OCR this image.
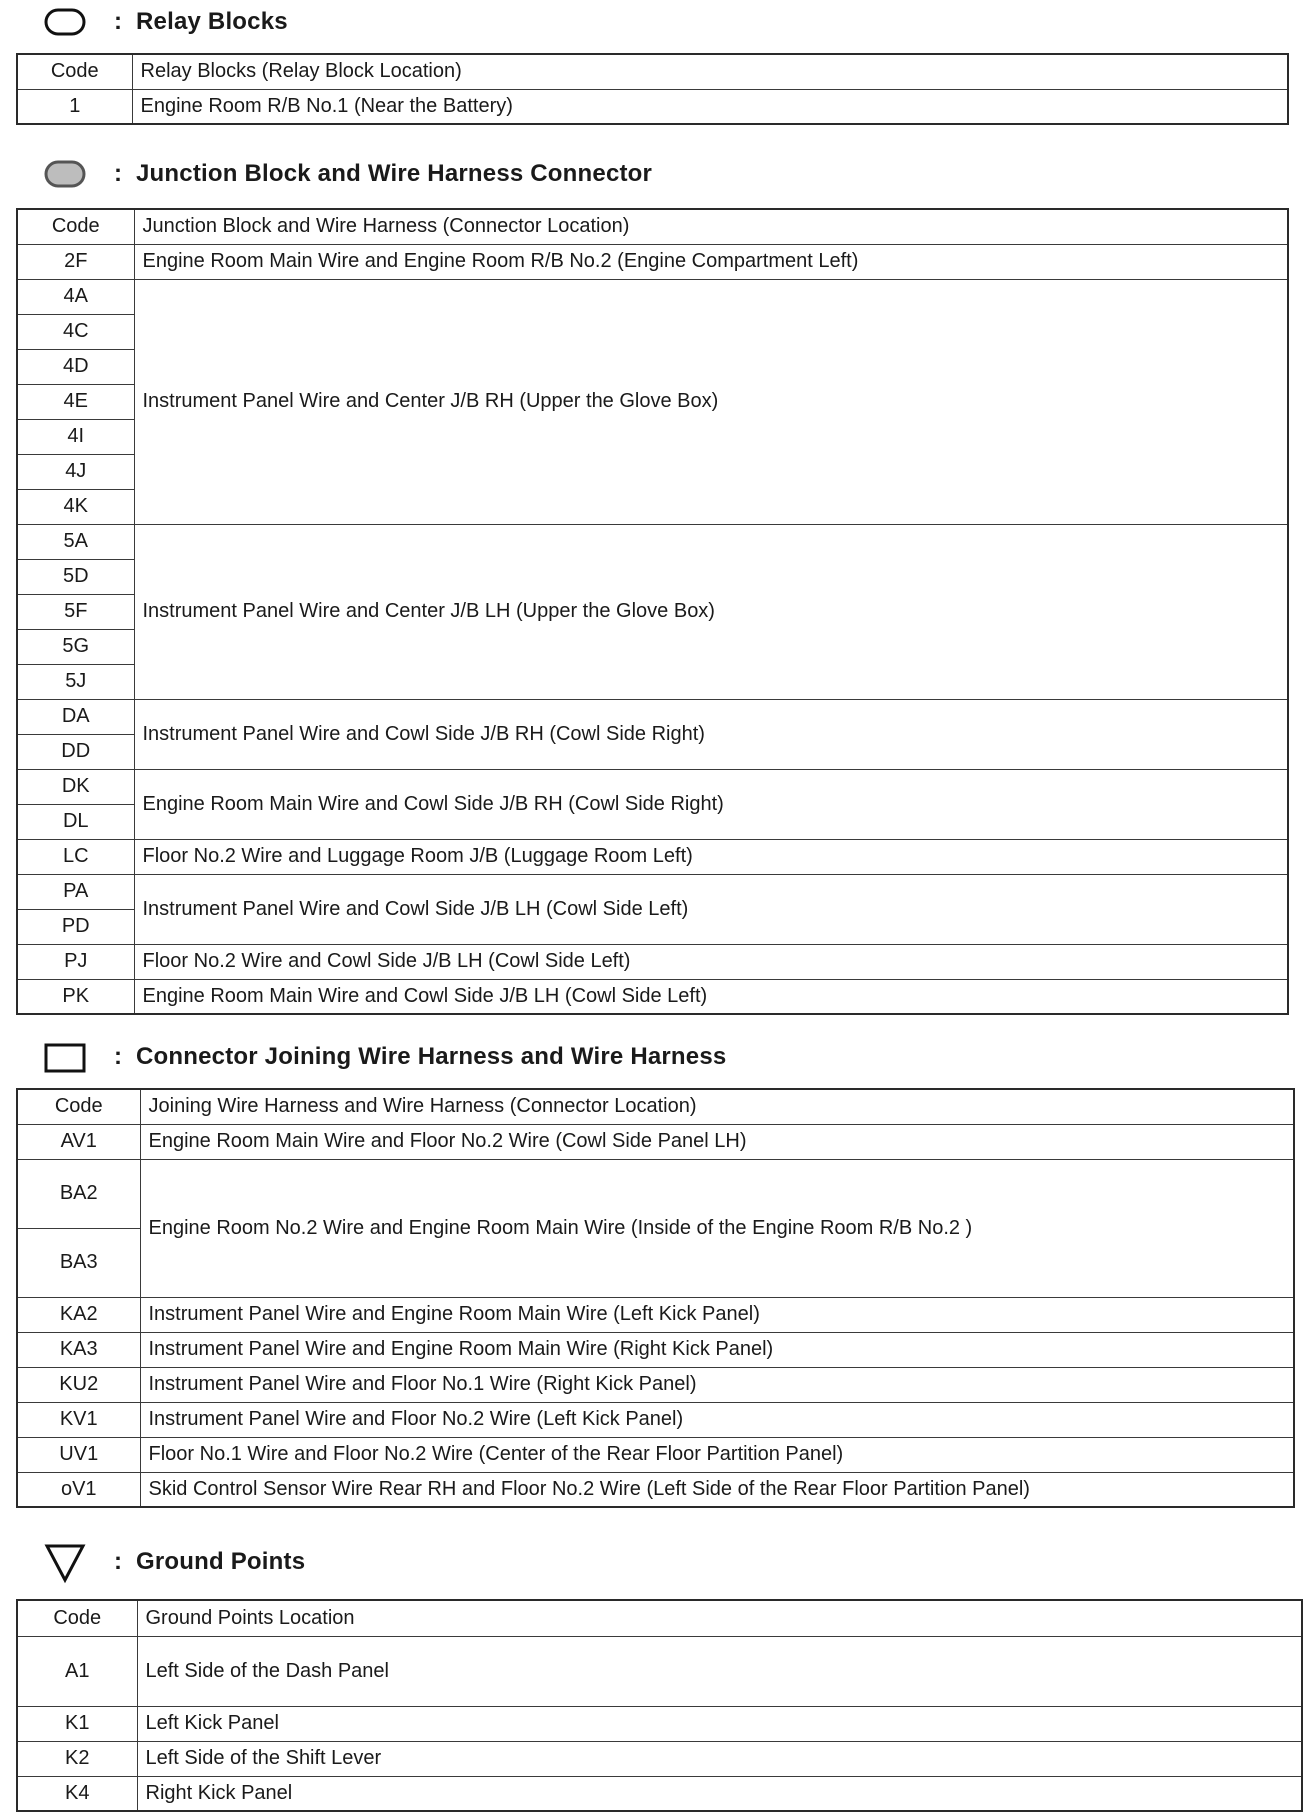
: Relay Blocks
Code	Relay Blocks (Relay Block Location)
1	Engine Room R/B No.1 (Near the Battery)
: Junction Block and Wire Harness Connector
Code	Junction Block and Wire Harness (Connector Location)
2F	Engine Room Main Wire and Engine Room R/B No.2 (Engine Compartment Left)
4A	Instrument Panel Wire and Center J/B RH (Upper the Glove Box)
4C	
4D	
4E	
4I	
4J	
4K	
5A	Instrument Panel Wire and Center J/B LH (Upper the Glove Box)
5D	
5F	
5G	
5J	
DA	Instrument Panel Wire and Cowl Side J/B RH (Cowl Side Right)
DD	
DK	Engine Room Main Wire and Cowl Side J/B RH (Cowl Side Right)
DL	
LC	Floor No.2 Wire and Luggage Room J/B (Luggage Room Left)
PA	Instrument Panel Wire and Cowl Side J/B LH (Cowl Side Left)
PD	
PJ	Floor No.2 Wire and Cowl Side J/B LH (Cowl Side Left)
PK	Engine Room Main Wire and Cowl Side J/B LH (Cowl Side Left)
: Connector Joining Wire Harness and Wire Harness
Code	Joining Wire Harness and Wire Harness (Connector Location)
AV1	Engine Room Main Wire and Floor No.2 Wire (Cowl Side Panel LH)
BA2	Engine Room No.2 Wire and Engine Room Main Wire (Inside of the Engine Room R/B No.2 )
BA3	
KA2	Instrument Panel Wire and Engine Room Main Wire (Left Kick Panel)
KA3	Instrument Panel Wire and Engine Room Main Wire (Right Kick Panel)
KU2	Instrument Panel Wire and Floor No.1 Wire (Right Kick Panel)
KV1	Instrument Panel Wire and Floor No.2 Wire (Left Kick Panel)
UV1	Floor No.1 Wire and Floor No.2 Wire (Center of the Rear Floor Partition Panel)
oV1	Skid Control Sensor Wire Rear RH and Floor No.2 Wire (Left Side of the Rear Floor Partition Panel)
: Ground Points
Code	Ground Points Location
A1	Left Side of the Dash Panel
K1	Left Kick Panel
K2	Left Side of the Shift Lever
K4	Right Kick Panel
